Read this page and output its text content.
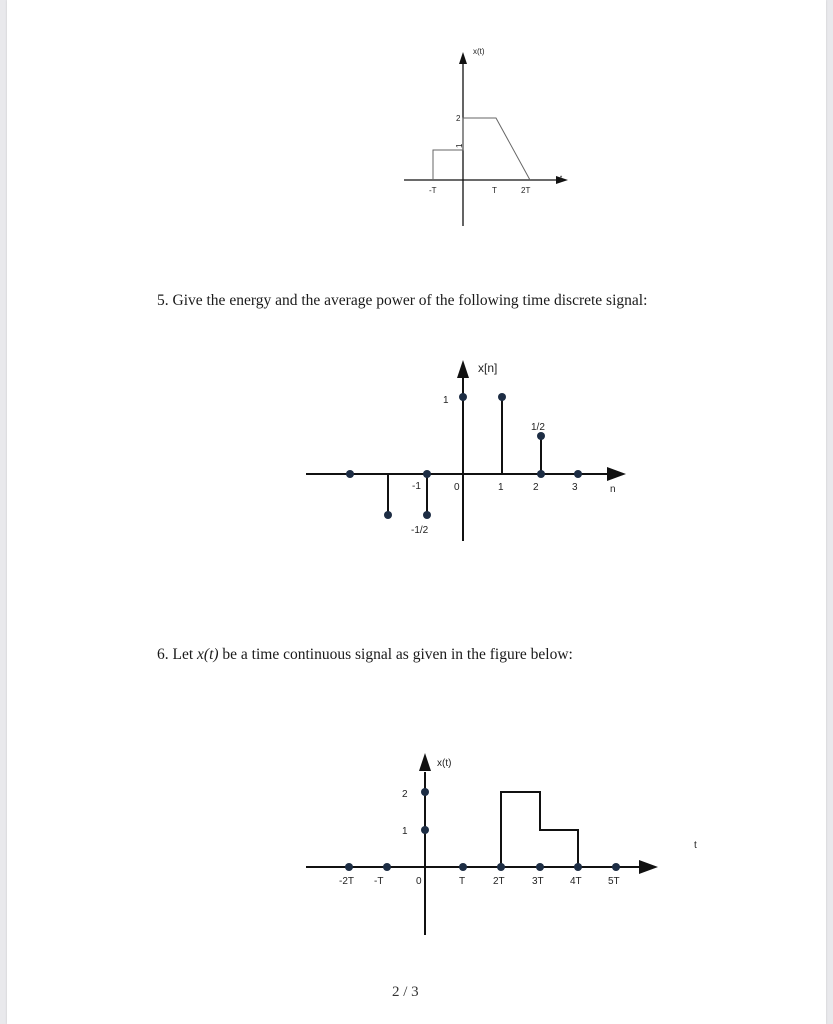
x(t)
t
-T	T	2T
2
1
5. Give the energy and the average power of the following time discrete signal:
x[n]
n
-1	0	1	2	3
1
1/2
-1/2
6. Let x(t) be a time continuous signal as given in the figure below:
x(t)
t
-2T -T	0	T	2T	3T	4T	5T
2
1
2 / 3
